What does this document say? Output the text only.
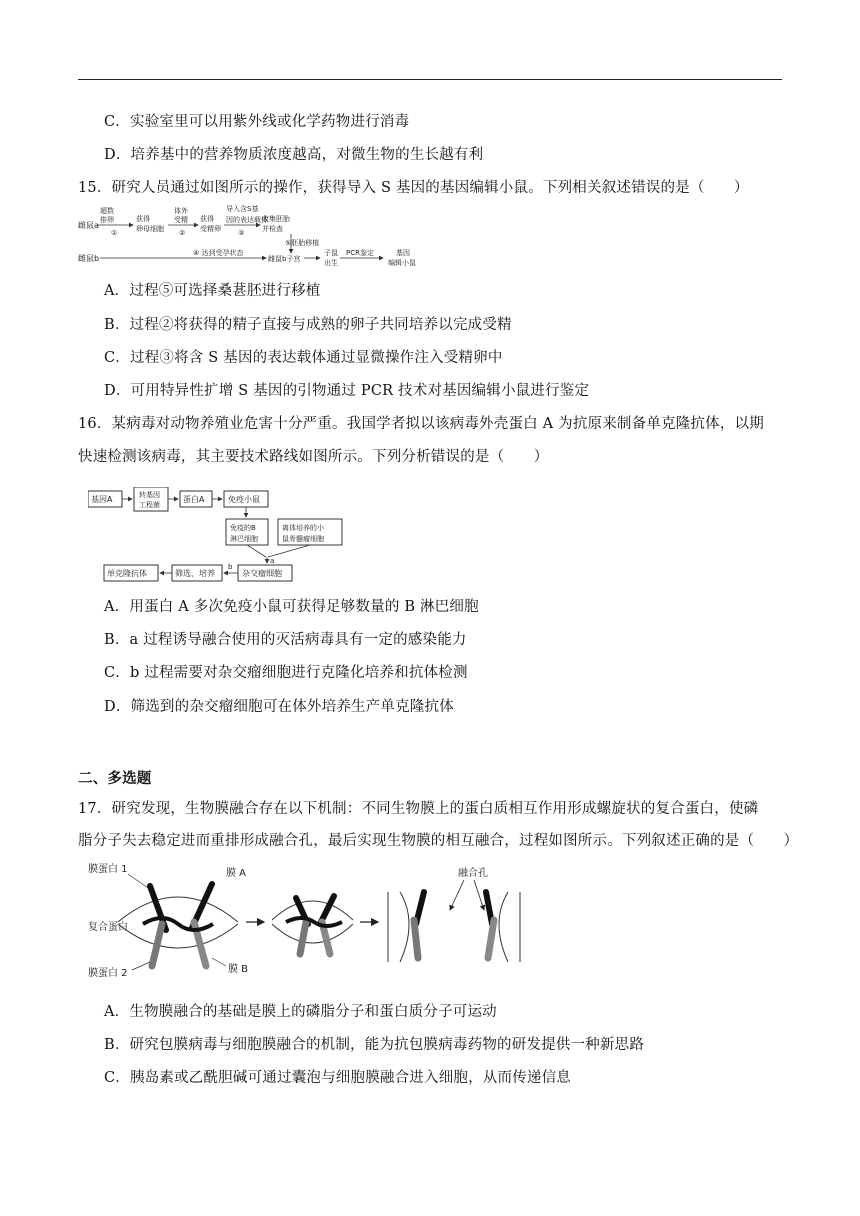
C．实验室里可以用紫外线或化学药物进行消毒
D．培养基中的营养物质浓度越高，对微生物的生长越有利
15．研究人员通过如图所示的操作，获得导入 S 基因的基因编辑小鼠。下列相关叙述错误的是（　　）
雌鼠a
超数
排卵
①
获得
卵母细胞
体外
受精
②
获得
受精卵
导入含S基
因的表达载体
③
收集胚胎
并检查
⑤胚胎移植
雌鼠b
④ 达到受孕状态
雌鼠b子宫
子鼠
出生
PCR鉴定	基因
编辑小鼠
A．过程⑤可选择桑葚胚进行移植
B．过程②将获得的精子直接与成熟的卵子共同培养以完成受精
C．过程③将含 S 基因的表达载体通过显微操作注入受精卵中
D．可用特异性扩增 S 基因的引物通过 PCR 技术对基因编辑小鼠进行鉴定
16．某病毒对动物养殖业危害十分严重。我国学者拟以该病毒外壳蛋白 A 为抗原来制备单克隆抗体，以期
快速检测该病毒，其主要技术路线如图所示。下列分析错误的是（　　）
基因A	转基因
工程菌
蛋白A	免疫小鼠
免疫的B
淋巴细胞
离体培养的小
鼠骨髓瘤细胞
a
杂交瘤细胞
b
筛选、培养
单克隆抗体
A．用蛋白 A 多次免疫小鼠可获得足够数量的 B 淋巴细胞
B．a 过程诱导融合使用的灭活病毒具有一定的感染能力
C．b 过程需要对杂交瘤细胞进行克隆化培养和抗体检测
D．筛选到的杂交瘤细胞可在体外培养生产单克隆抗体
二、多选题
17．研究发现，生物膜融合存在以下机制：不同生物膜上的蛋白质相互作用形成螺旋状的复合蛋白，使磷
脂分子失去稳定进而重排形成融合孔，最后实现生物膜的相互融合，过程如图所示。下列叙述正确的是（　　）
膜蛋白 1	膜 A
复合蛋白
膜蛋白 2	膜 B
融合孔
A．生物膜融合的基础是膜上的磷脂分子和蛋白质分子可运动
B．研究包膜病毒与细胞膜融合的机制，能为抗包膜病毒药物的研发提供一种新思路
C．胰岛素或乙酰胆碱可通过囊泡与细胞膜融合进入细胞，从而传递信息
